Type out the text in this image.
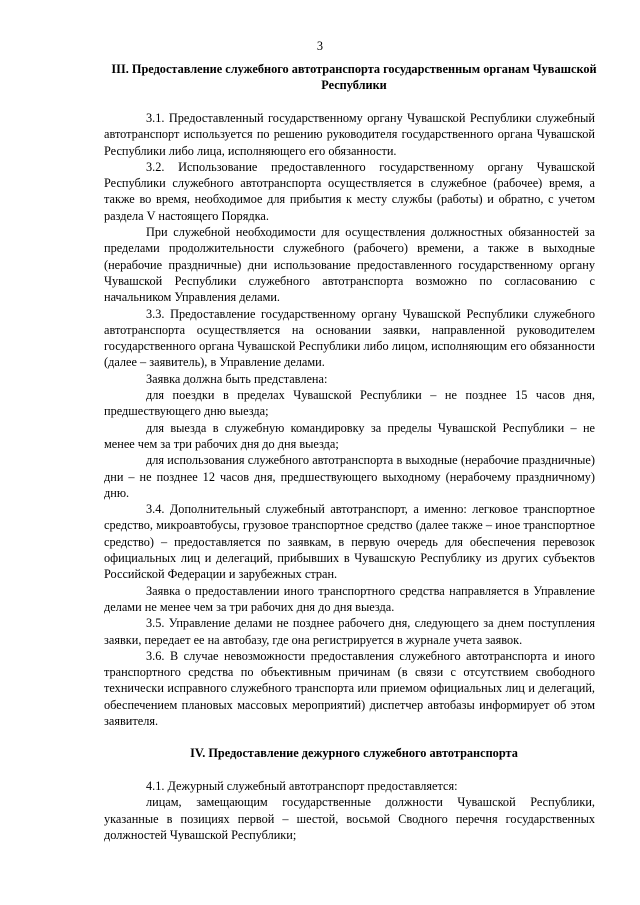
3
III. Предоставление служебного автотранспорта государственным органам Чувашской Республики

3.1. Предоставленный государственному органу Чувашской Республики служебный автотранспорт используется по решению руководителя государственного органа Чувашской Республики либо лица, исполняющего его обязанности.

3.2. Использование предоставленного государственному органу Чувашской Республики служебного автотранспорта осуществляется в служебное (рабочее) время, а также во время, необходимое для прибытия к месту службы (работы) и обратно, с учетом раздела V настоящего Порядка.

При служебной необходимости для осуществления должностных обязанностей за пределами продолжительности служебного (рабочего) времени, а также в выходные (нерабочие праздничные) дни использование предоставленного государственному органу Чувашской Республики служебного автотранспорта возможно по согласованию с начальником Управления делами.

3.3. Предоставление государственному органу Чувашской Республики служебного автотранспорта осуществляется на основании заявки, направленной руководителем государственного органа Чувашской Республики либо лицом, исполняющим его обязанности (далее – заявитель), в Управление делами.

Заявка должна быть представлена:

для поездки в пределах Чувашской Республики – не позднее 15 часов дня, предшествующего дню выезда;

для выезда в служебную командировку за пределы Чувашской Республики – не менее чем за три рабочих дня до дня выезда;

для использования служебного автотранспорта в выходные (нерабочие праздничные) дни – не позднее 12 часов дня, предшествующего выходному (нерабочему праздничному) дню.

3.4. Дополнительный служебный автотранспорт, а именно: легковое транспортное средство, микроавтобусы, грузовое транспортное средство (далее также – иное транспортное средство) – предоставляется по заявкам, в первую очередь для обеспечения перевозок официальных лиц и делегаций, прибывших в Чувашскую Республику из других субъектов Российской Федерации и зарубежных стран.

Заявка о предоставлении иного транспортного средства направляется в Управление делами не менее чем за три рабочих дня до дня выезда.

3.5. Управление делами не позднее рабочего дня, следующего за днем поступления заявки, передает ее на автобазу, где она регистрируется в журнале учета заявок.

3.6. В случае невозможности предоставления служебного автотранспорта и иного транспортного средства по объективным причинам (в связи с отсутствием свободного технически исправного служебного транспорта или приемом официальных лиц и делегаций, обеспечением плановых массовых мероприятий) диспетчер автобазы информирует об этом заявителя.

IV. Предоставление дежурного служебного автотранспорта

4.1. Дежурный служебный автотранспорт предоставляется:

лицам, замещающим государственные должности Чувашской Республики, указанные в позициях первой – шестой, восьмой Сводного перечня государственных должностей Чувашской Республики;
